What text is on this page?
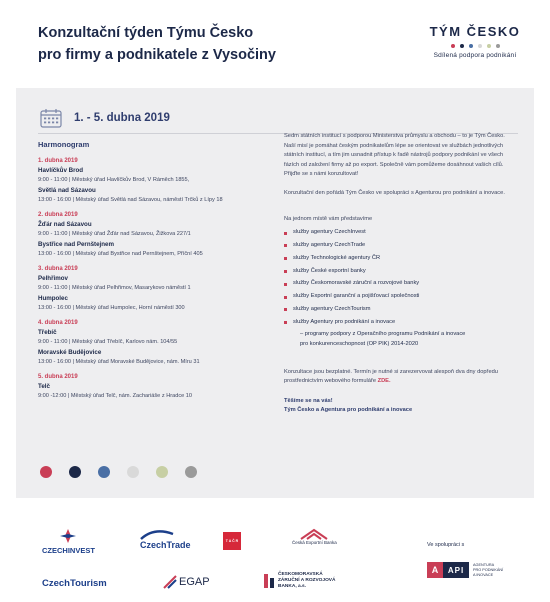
Konzultační týden Týmu Česko
pro firmy a podnikatele z Vysočiny
TÝM ČESKO
Sdílená podpora podnikání
1. - 5. dubna 2019
Harmonogram
1. dubna 2019
Havlíčkův Brod
9:00 - 11:00 | Městský úřad Havlíčkův Brod, V Ráměch 1855,
Světlá nad Sázavou
13:00 - 16:00 | Městský úřad Světlá nad Sázavou, náměstí Trčků z Lípy 18
2. dubna 2019
Žďár nad Sázavou
9:00 - 11:00 | Městský úřad Žďár nad Sázavou, Žižkova 227/1
Bystřice nad Pernštejnem
13:00 - 16:00 | Městský úřad Bystřice nad Pernštejnem, Příční 405
3. dubna 2019
Pelhřimov
9:00 - 11:00 | Městský úřad Pelhřimov, Masarykovo náměstí 1
Humpolec
13:00 - 16:00 | Městský úřad Humpolec, Horní náměstí 300
4. dubna 2019
Třebíč
9:00 - 11:00 | Městský úřad Třebíč, Karlovo nám. 104/55
Moravské Budějovice
13:00 - 16:00 | Městský úřad Moravské Budějovice, nám. Míru 31
5. dubna 2019
Telč
9:00 -12:00 | Městský úřad Telč, nám. Zachariáše z Hradce 10

Sedm státních institucí s podporou Ministerstva průmyslu a obchodu – to je Tým Česko. Naší misí je pomáhat českým podnikatelům lépe se orientovat ve službách jednotlivých státních institucí, a tím jim usnadnit přístup k řadě nástrojů podpory podnikání ve všech fázích od založení firmy až po export. Společně vám pomůžeme dosáhnout vašich cílů. Přijďte se s námi konzultovat!

Konzultační den pořádá Tým Česko ve spolupráci s Agenturou pro podnikání a inovace.

Na jednom místě vám představíme

služby agentury CzechInvest
služby agentury CzechTrade
služby Technologické agentury ČR
služby České exportní banky
služby Českomoravské záruční a rozvojové banky
služby Exportní garanční a pojišťovací společnosti
služby agentury CzechTourism
služby Agentury pro podnikání a inovace
– programy podpory z Operačního programu Podnikání a inovace
pro konkurenceschopnost (OP PIK) 2014-2020

Konzultace jsou bezplatné. Termín je nutné si zarezervovat alespoň dva dny dopředu prostřednictvím webového formuláře ZDE.

Těšíme se na vás!
Tým Česko a Agentura pro podnikání a inovace
CZECHINVEST
CzechTrade	T A Č R	Česká Exportní Banka
CzechTourism	EGAP
ČESKOMORAVSKÁ
ZÁRUČNÍ A ROZVOJOVÁ
BANKA, a.s.
Ve spolupráci s
A	API
AGENTURA
PRO PODNIKÁNÍ
A INOVACE
